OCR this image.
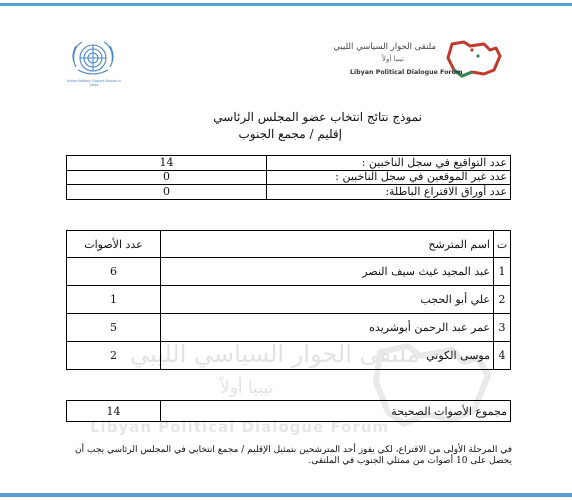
United Nations Support Mission in Libya
ملتقى الحوار السياسي الليبي
تيبيا أولاً
Libyan Political Dialogue Forum
نموذج نتائج انتخاب عضو المجلس الرئاسي
إقليم / مجمع الجنوب
ملتقى الحوار السياسي الليبي
تيبيا أولاً
Libyan Political Dialogue Forum
14	عدد التواقيع في سجل الناخبين :
0	عدد غير الموقعين في سجل الناخبين :
0	عدد أوراق الاقتراع الباطلة:
عدد الأصوات	اسم المترشح	ت
6	عبد المجيد غيث سيف النصر	1
1	علي أبو الحجب	2
5	عمر عبد الرحمن أبوشريده	3
2	موسى الكوني	4
14	مجموع الأصوات الصحيحة
في المرحلة الأولى من الاقتراع، لكي يفوز أحد المترشحين بتمثيل الإقليم / مجمع انتخابي في المجلس الرئاسي يجب أن يحصل على 10 أصوات من ممثلي الجنوب في الملتقى.
